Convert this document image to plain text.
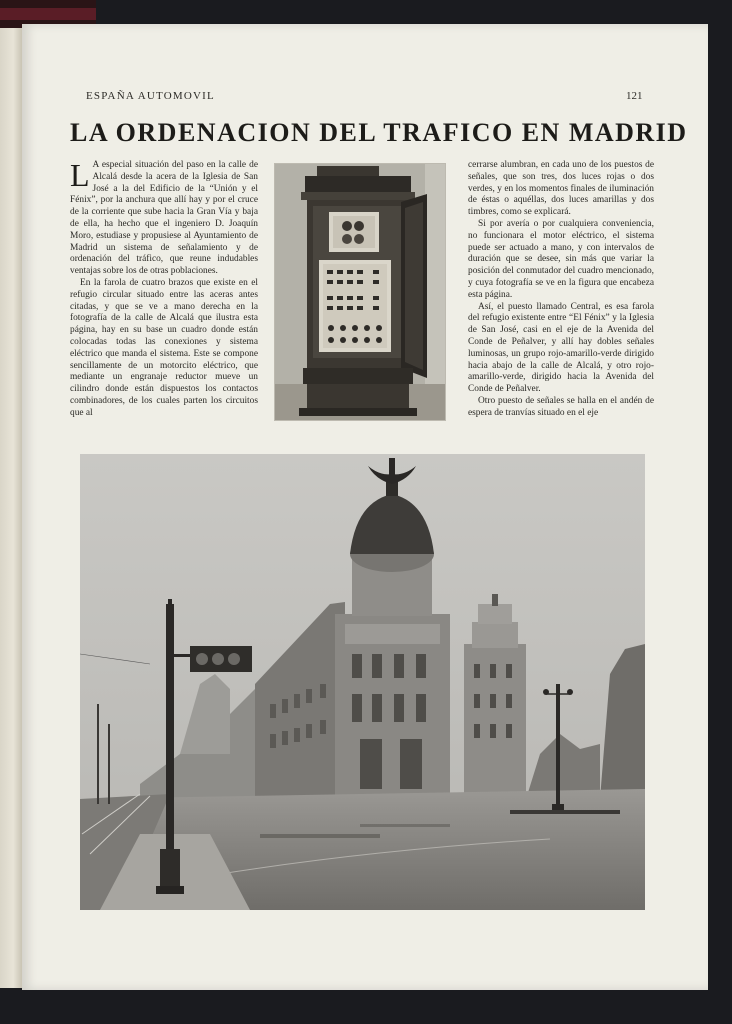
ESPAÑA AUTOMOVIL	121
LA ORDENACION DEL TRAFICO EN MADRID

L A especial situación del paso en la calle de Alcalá desde la acera de la Iglesia de San José a la del Edificio de la “Unión y el Fénix”, por la anchura que allí hay y por el cruce de la corriente que sube hacia la Gran Vía y baja de ella, ha hecho que el ingeniero D. Joaquín Moro, estudiase y propusiese al Ayuntamiento de Madrid un sistema de señalamiento y de ordenación del tráfico, que reune indudables ventajas sobre los de otras poblaciones.

En la farola de cuatro brazos que existe en el refugio circular situado entre las aceras antes citadas, y que se ve a mano derecha en la fotografía de la calle de Alcalá que ilustra esta página, hay en su base un cuadro donde están colocadas todas las conexiones y sistema eléctrico que manda el sistema. Este se compone sencillamente de un motorcito eléctrico, que mediante un engranaje reductor mueve un cilindro donde están dispuestos los contactos combinadores, de los cuales parten los circuitos que al

cerrarse alumbran, en cada uno de los puestos de señales, que son tres, dos luces rojas o dos verdes, y en los momentos finales de iluminación de éstas o aquéllas, dos luces amarillas y dos timbres, como se explicará.

Si por avería o por cualquiera conveniencia, no funcionara el motor eléctrico, el sistema puede ser actuado a mano, y con intervalos de duración que se desee, sin más que variar la posición del conmutador del cuadro mencionado, y cuya fotografía se ve en la figura que encabeza esta página.

Así, el puesto llamado Central, es esa farola del refugio existente entre “El Fénix” y la Iglesia de San José, casi en el eje de la Avenida del Conde de Peñalver, y allí hay dobles señales luminosas, un grupo rojo-amarillo-verde dirigido hacia abajo de la calle de Alcalá, y otro rojo-amarillo-verde, dirigido hacia la Avenida del Conde de Peñalver.

Otro puesto de señales se halla en el andén de espera de tranvías situado en el eje
